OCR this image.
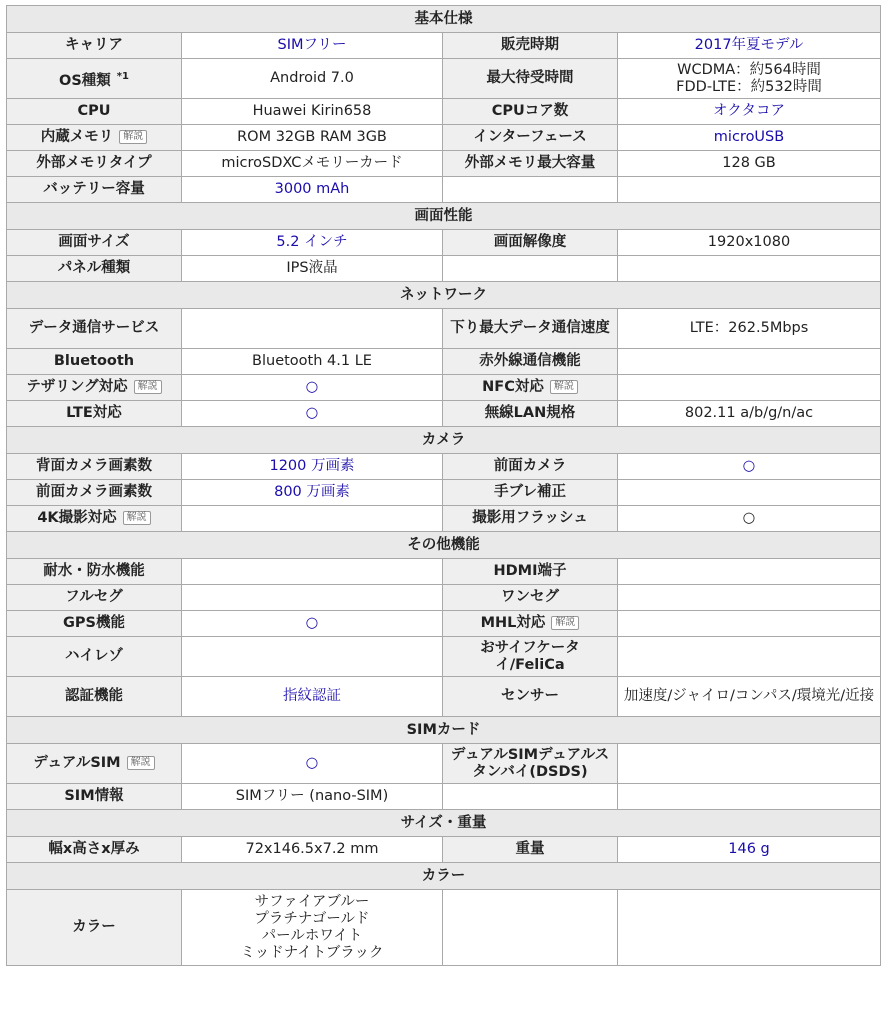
基本仕様			
キャリア	SIMフリー	販売時期	2017年夏モデル
OS種類 $^{*1}$	Android 7.0	最大待受時間	WCDMA：約564時間
FDD-LTE：約532時間
CPU	Huawei Kirin658	CPUコア数	オクタコア
内蔵メモリ 解説	ROM 32GB RAM 3GB	インターフェース	microUSB
外部メモリタイプ	microSDXCメモリーカード	外部メモリ最大容量	128 GB
バッテリー容量	3000 mAh		
画面性能			
画面サイズ	5.2 インチ	画面解像度	1920x1080
パネル種類	IPS液晶		
ネットワーク			
データ通信サービス		下り最大データ通信速度	LTE：262.5Mbps
Bluetooth	Bluetooth 4.1 LE	赤外線通信機能	
テザリング対応 解説	○	NFC対応 解説	
LTE対応	○	無線LAN規格	802.11 a/b/g/n/ac
カメラ			
背面カメラ画素数	1200 万画素	前面カメラ	○
前面カメラ画素数	800 万画素	手ブレ補正	
4K撮影対応 解説		撮影用フラッシュ	○
その他機能			
耐水・防水機能		HDMI端子	
フルセグ		ワンセグ	
GPS機能	○	MHL対応 解説	
ハイレゾ		おサイフケータイ/FeliCa	
認証機能	指紋認証	センサー	加速度/ジャイロ/コンパス/環境光/近接
SIMカード			
デュアルSIM 解説	○	デュアルSIMデュアルスタンバイ(DSDS)	
SIM情報	SIMフリー (nano-SIM)		
サイズ・重量			
幅x高さx厚み	72x146.5x7.2 mm	重量	146 g
カラー			
カラー	サファイアブルー
プラチナゴールド
パールホワイト
ミッドナイトブラック		
